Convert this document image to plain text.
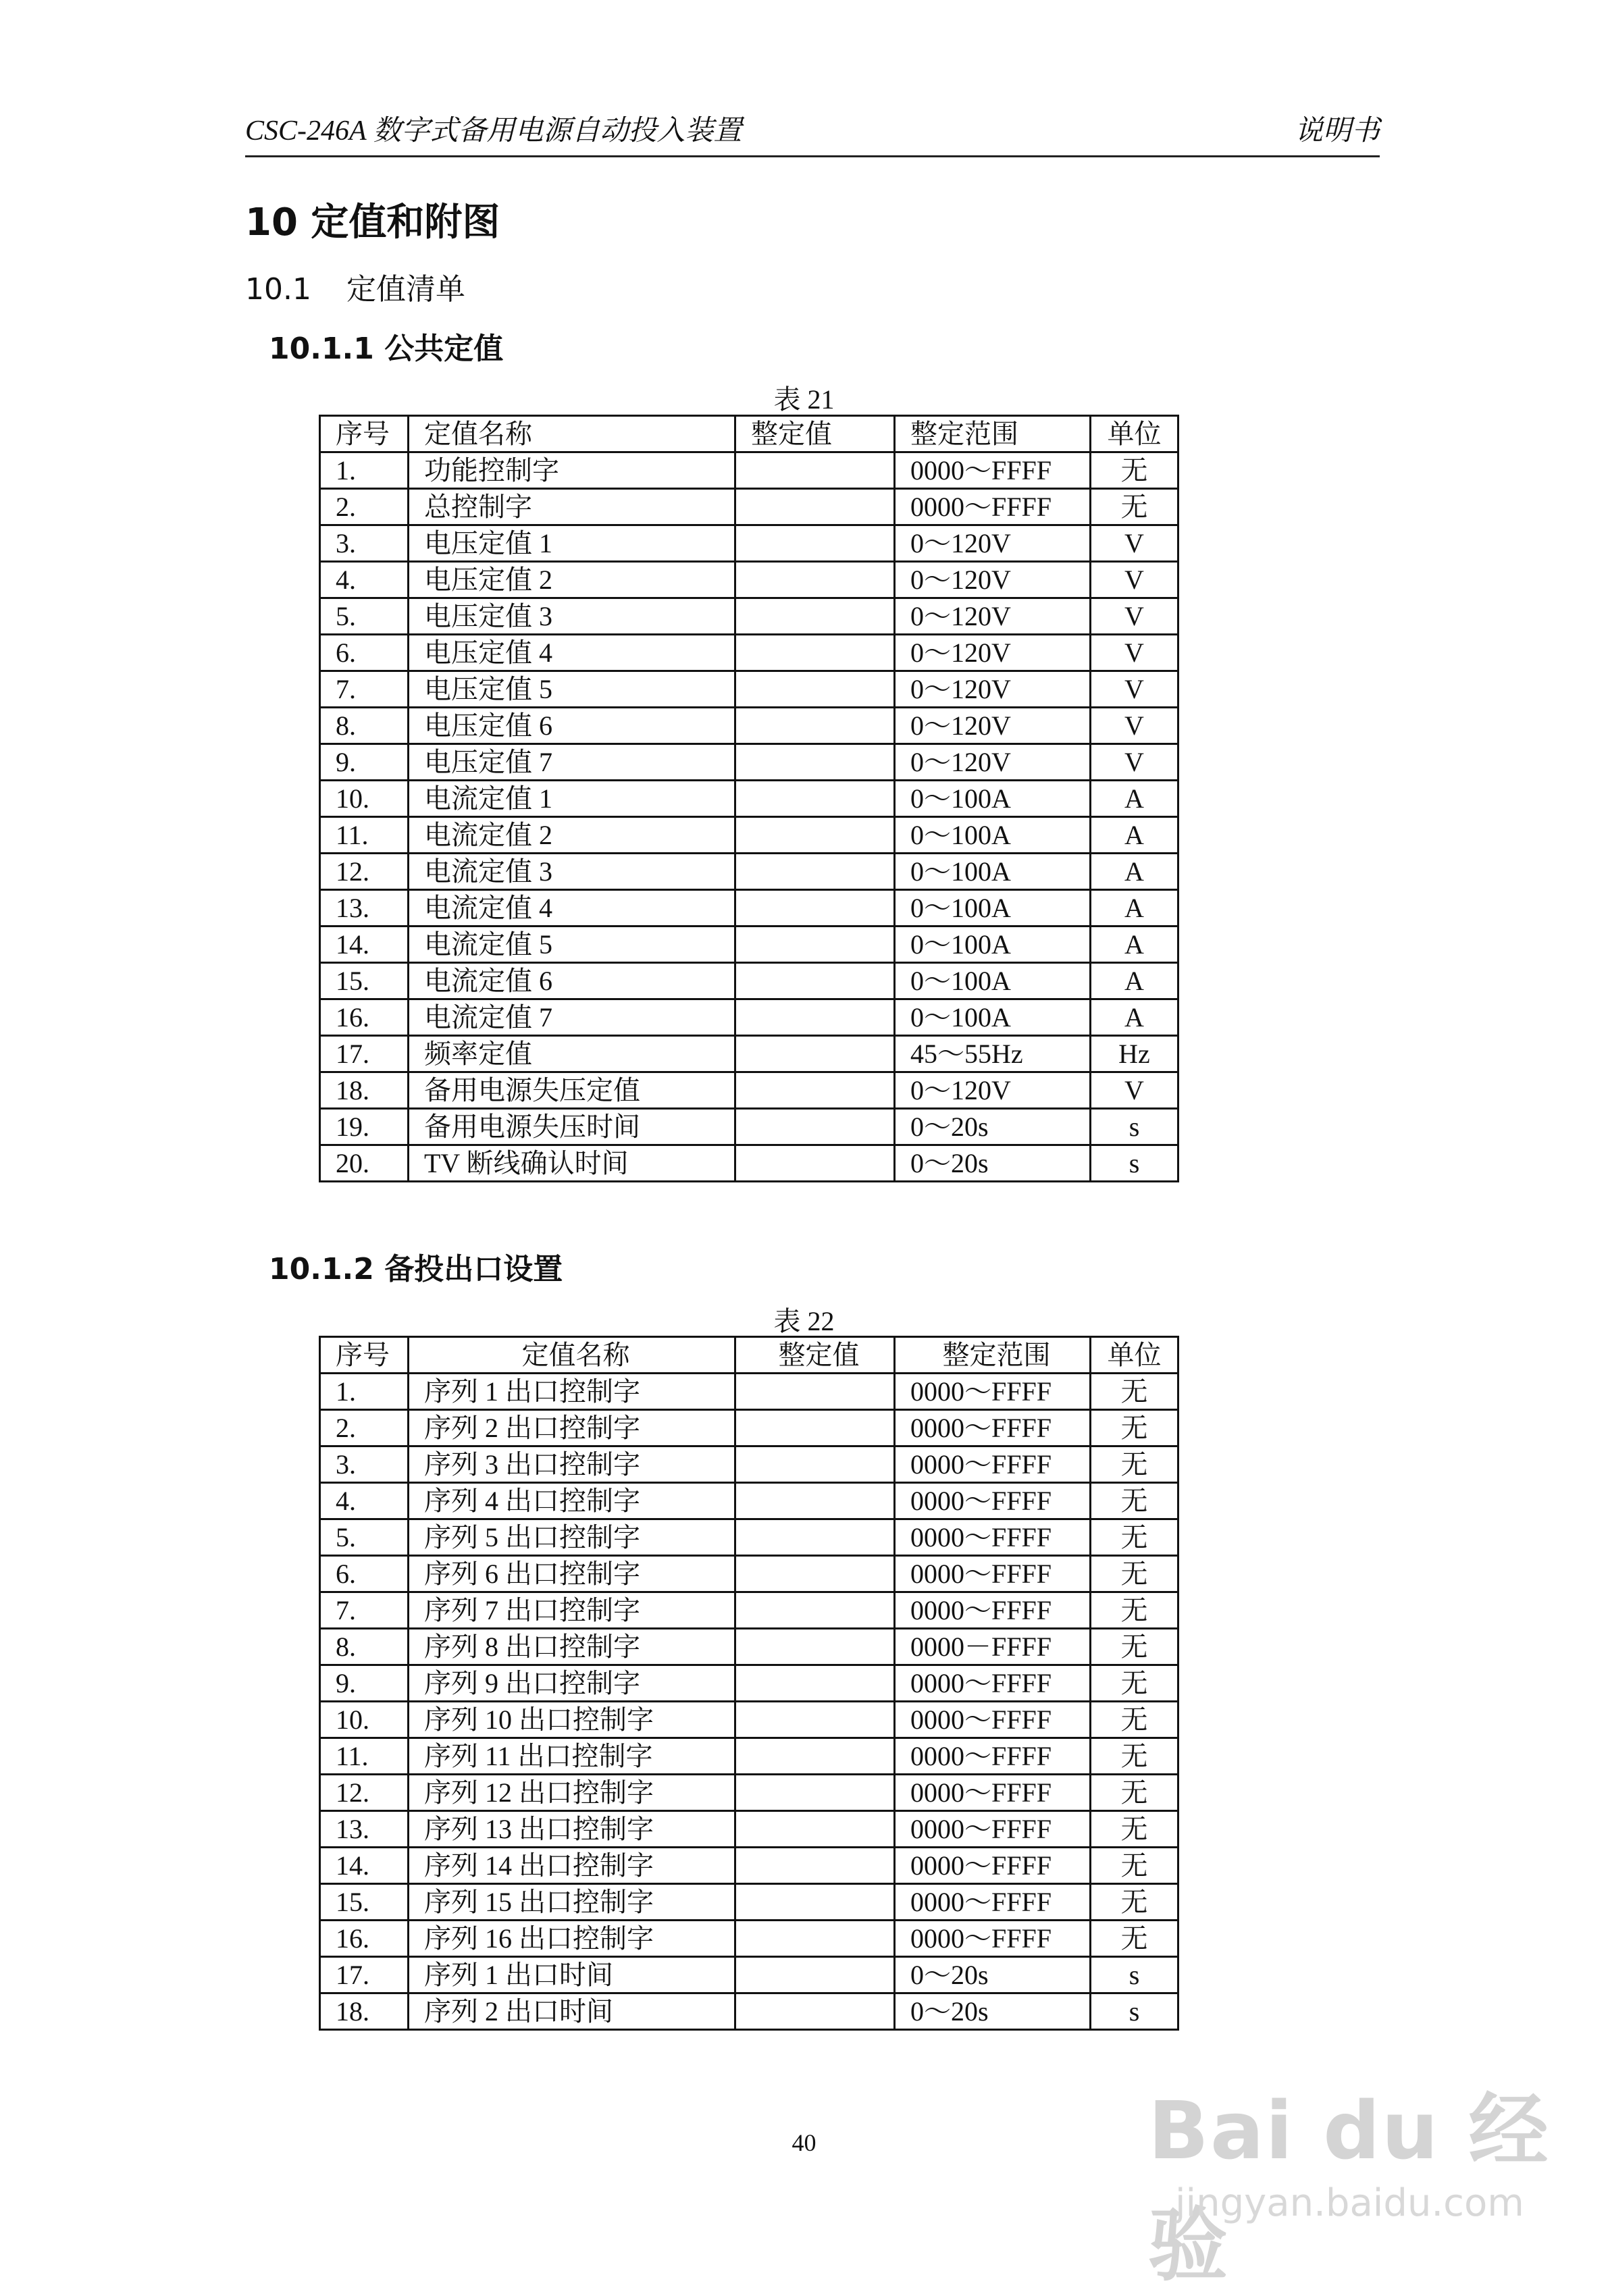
CSC-246A 数字式备用电源自动投入装置	说明书
10 定值和附图
10.1 定值清单
10.1.1 公共定值
表 21
序号	定值名称	整定值	整定范围	单位
1.	功能控制字		0000～FFFF	无
2.	总控制字		0000～FFFF	无
3.	电压定值 1		0～120V	V
4.	电压定值 2		0～120V	V
5.	电压定值 3		0～120V	V
6.	电压定值 4		0～120V	V
7.	电压定值 5		0～120V	V
8.	电压定值 6		0～120V	V
9.	电压定值 7		0～120V	V
10.	电流定值 1		0～100A	A
11.	电流定值 2		0～100A	A
12.	电流定值 3		0～100A	A
13.	电流定值 4		0～100A	A
14.	电流定值 5		0～100A	A
15.	电流定值 6		0～100A	A
16.	电流定值 7		0～100A	A
17.	频率定值		45～55Hz	Hz
18.	备用电源失压定值		0～120V	V
19.	备用电源失压时间		0～20s	s
20.	TV 断线确认时间		0～20s	s
10.1.2 备投出口设置
表 22
序号	定值名称	整定值	整定范围	单位
1.	序列 1 出口控制字		0000～FFFF	无
2.	序列 2 出口控制字		0000～FFFF	无
3.	序列 3 出口控制字		0000～FFFF	无
4.	序列 4 出口控制字		0000～FFFF	无
5.	序列 5 出口控制字		0000～FFFF	无
6.	序列 6 出口控制字		0000～FFFF	无
7.	序列 7 出口控制字		0000～FFFF	无
8.	序列 8 出口控制字		0000－FFFF	无
9.	序列 9 出口控制字		0000～FFFF	无
10.	序列 10 出口控制字		0000～FFFF	无
11.	序列 11 出口控制字		0000～FFFF	无
12.	序列 12 出口控制字		0000～FFFF	无
13.	序列 13 出口控制字		0000～FFFF	无
14.	序列 14 出口控制字		0000～FFFF	无
15.	序列 15 出口控制字		0000～FFFF	无
16.	序列 16 出口控制字		0000～FFFF	无
17.	序列 1 出口时间		0～20s	s
18.	序列 2 出口时间		0～20s	s
40	Bai du 经验
jingyan.baidu.com
